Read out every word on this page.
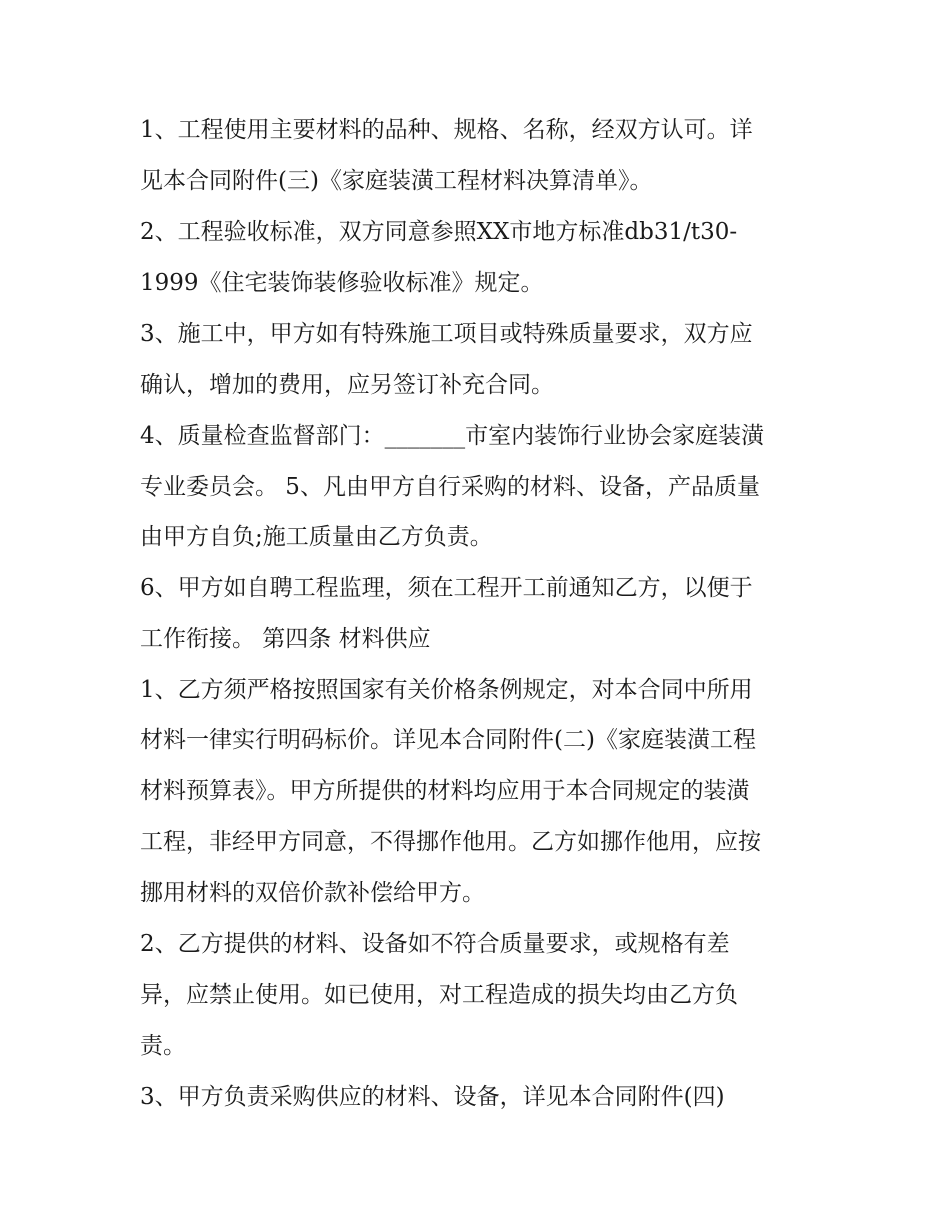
1、工程使用主要材料的品种、规格、名称，经双方认可。详
见本合同附件(三)《家庭装潢工程材料决算清单》。
2、工程验收标准，双方同意参照XX市地方标准db31/t30-
1999《住宅装饰装修验收标准》规定。
3、施工中，甲方如有特殊施工项目或特殊质量要求，双方应
确认，增加的费用，应另签订补充合同。
4、质量检查监督部门：_______市室内装饰行业协会家庭装潢
专业委员会。 5、凡由甲方自行采购的材料、设备，产品质量
由甲方自负;施工质量由乙方负责。
6、甲方如自聘工程监理，须在工程开工前通知乙方，以便于
工作衔接。 第四条 材料供应
1、乙方须严格按照国家有关价格条例规定，对本合同中所用
材料一律实行明码标价。详见本合同附件(二)《家庭装潢工程
材料预算表》。甲方所提供的材料均应用于本合同规定的装潢
工程，非经甲方同意，不得挪作他用。乙方如挪作他用，应按
挪用材料的双倍价款补偿给甲方。
2、乙方提供的材料、设备如不符合质量要求，或规格有差
异，应禁止使用。如已使用，对工程造成的损失均由乙方负
责。
3、甲方负责采购供应的材料、设备，详见本合同附件(四)
